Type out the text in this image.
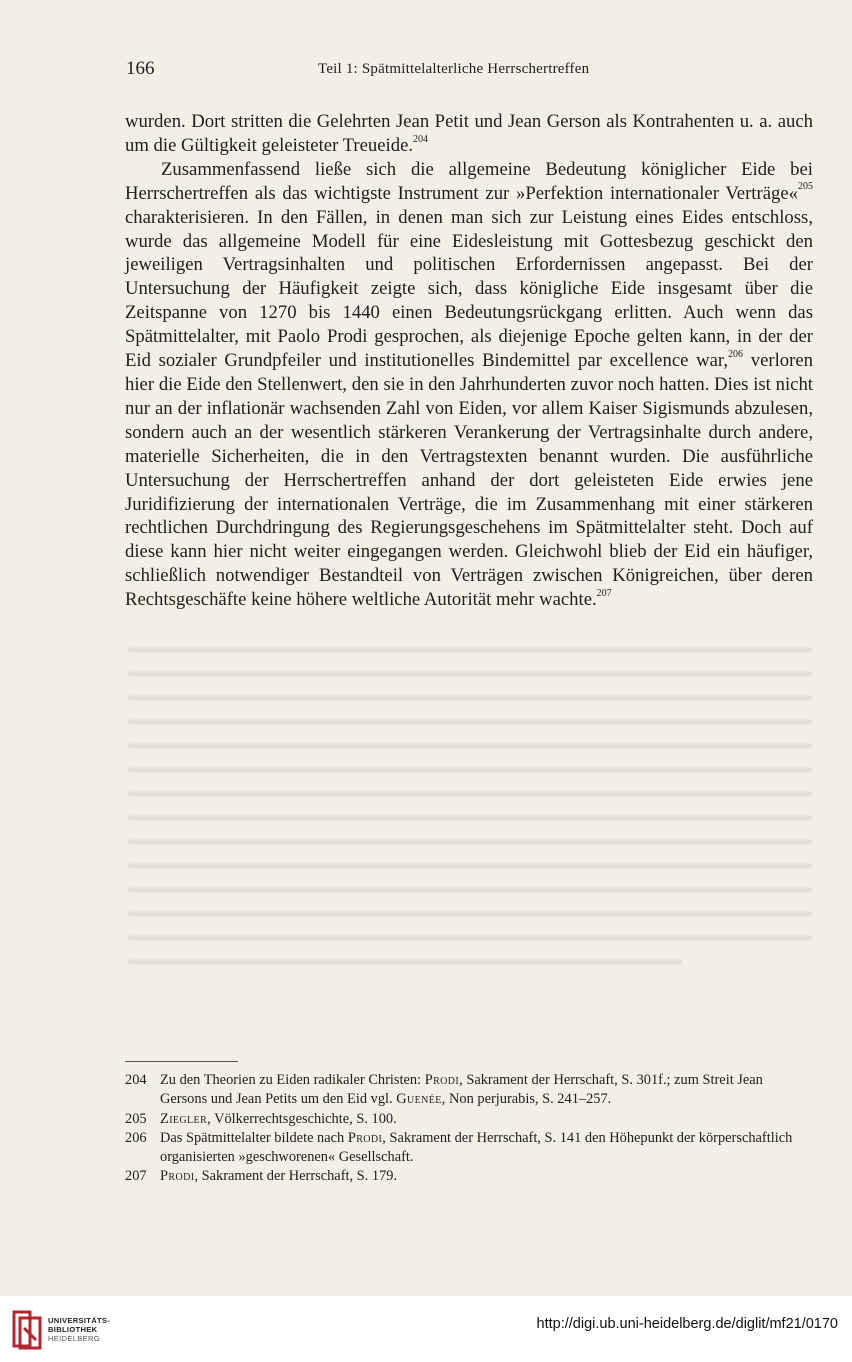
166	Teil 1: Spätmittelalterliche Herrschertreffen

wurden. Dort stritten die Gelehrten Jean Petit und Jean Gerson als Kontrahenten u. a. auch um die Gültigkeit geleisteter Treueide.$^{204}$

Zusammenfassend ließe sich die allgemeine Bedeutung königlicher Eide bei Herrschertreffen als das wichtigste Instrument zur »Perfektion internationaler Verträge«$^{205}$ charakterisieren. In den Fällen, in denen man sich zur Leistung eines Eides entschloss, wurde das allgemeine Modell für eine Eidesleistung mit Gottesbezug geschickt den jeweiligen Vertragsinhalten und politischen Erfordernissen angepasst. Bei der Untersuchung der Häufigkeit zeigte sich, dass königliche Eide insgesamt über die Zeitspanne von 1270 bis 1440 einen Bedeutungsrückgang erlitten. Auch wenn das Spätmittelalter, mit Paolo Prodi gesprochen, als diejenige Epoche gelten kann, in der der Eid sozialer Grundpfeiler und institutionelles Bindemittel par excellence war,$^{206}$ verloren hier die Eide den Stellenwert, den sie in den Jahrhunderten zuvor noch hatten. Dies ist nicht nur an der inflationär wachsenden Zahl von Eiden, vor allem Kaiser Sigismunds abzulesen, sondern auch an der wesentlich stärkeren Verankerung der Vertragsinhalte durch andere, materielle Sicherheiten, die in den Vertragstexten benannt wurden. Die ausführliche Untersuchung der Herrschertreffen anhand der dort geleisteten Eide erwies jene Juridifizierung der internationalen Verträge, die im Zusammenhang mit einer stärkeren rechtlichen Durchdringung des Regierungsgeschehens im Spätmittelalter steht. Doch auf diese kann hier nicht weiter eingegangen werden. Gleichwohl blieb der Eid ein häufiger, schließlich notwendiger Bestandteil von Verträgen zwischen Königreichen, über deren Rechtsgeschäfte keine höhere weltliche Autorität mehr wachte.$^{207}$

204 Zu den Theorien zu Eiden radikaler Christen: Prodi, Sakrament der Herrschaft, S. 301f.; zum Streit Jean Gersons und Jean Petits um den Eid vgl. Guenée, Non perjurabis, S. 241–257.
205 Ziegler, Völkerrechtsgeschichte, S. 100.
206 Das Spätmittelalter bildete nach Prodi, Sakrament der Herrschaft, S. 141 den Höhepunkt der körperschaftlich organisierten »geschworenen« Gesellschaft.
207 Prodi, Sakrament der Herrschaft, S. 179.
UNIVERSITÄTS-
BIBLIOTHEK
HEIDELBERG
http://digi.ub.uni-heidelberg.de/diglit/mf21/0170
